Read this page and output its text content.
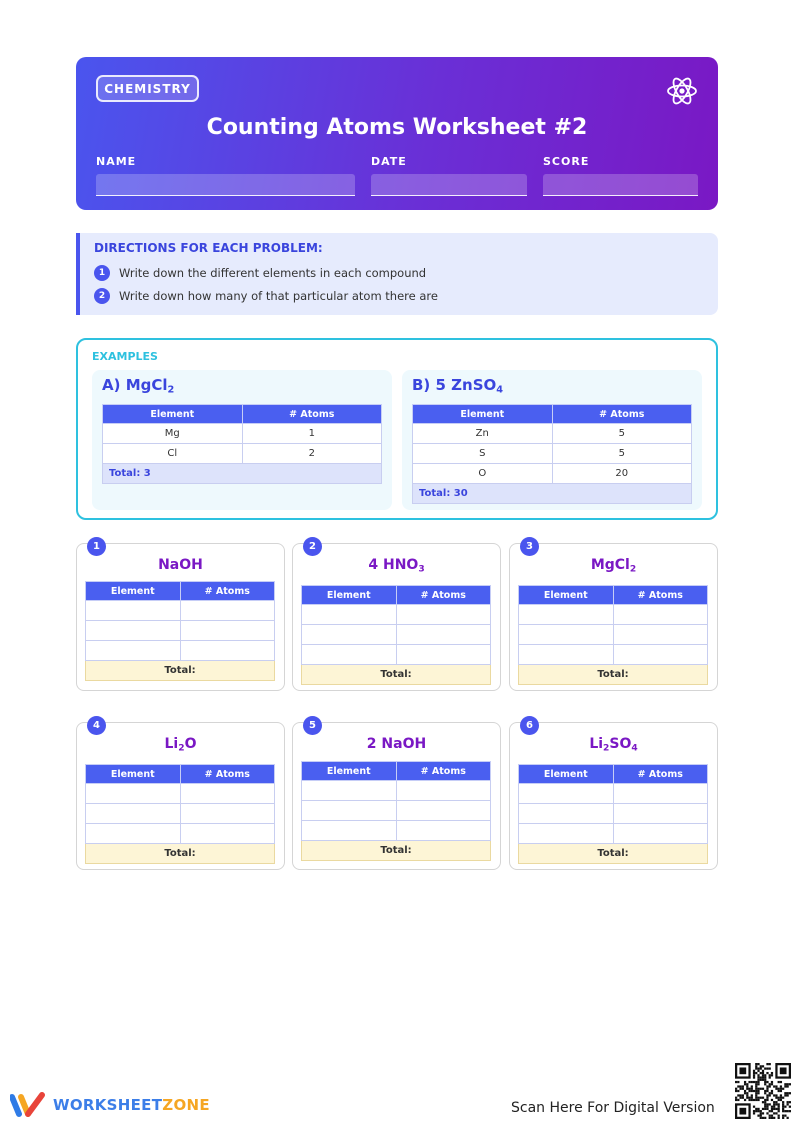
CHEMISTRY
Counting Atoms Worksheet #2
NAME	DATE	SCORE
DIRECTIONS FOR EACH PROBLEM:
1	Write down the different elements in each compound
2	Write down how many of that particular atom there are
EXAMPLES
A) MgCl$_2$
Element	# Atoms
Mg	1
Cl	2
Total: 3	
B) 5 ZnSO$_4$
Element	# Atoms
Zn	5
S	5
O	20
Total: 30	
1
NaOH
Element	# Atoms

Total:	
2
4 $HNO_3$
Element	# Atoms

Total:	
3
MgCl$_2$
Element	# Atoms

Total:	
4
$Li_2O$
Element	# Atoms

Total:	
5
2 NaOH
Element	# Atoms

Total:	
6
$Li_2SO_4$
Element	# Atoms

Total:	
WORKSHEETZONE	Scan Here For Digital Version
